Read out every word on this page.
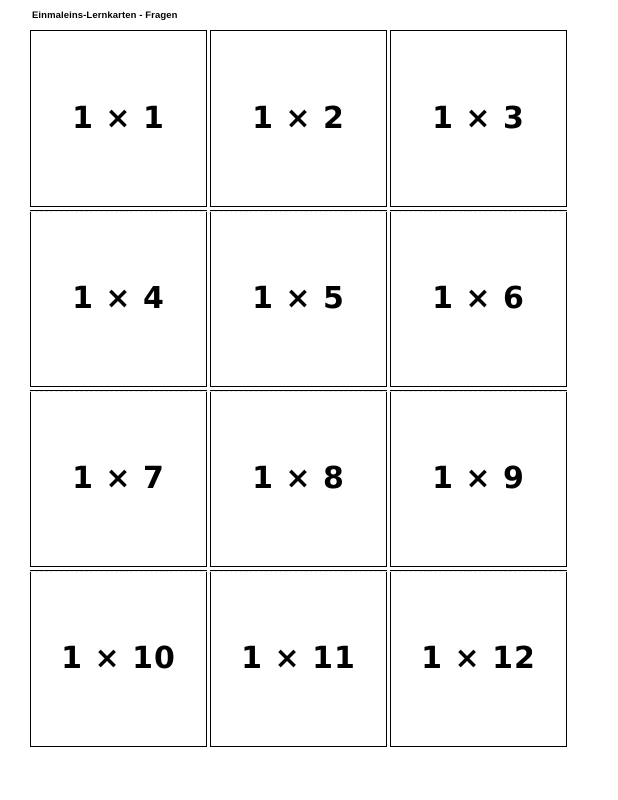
Einmaleins-Lernkarten - Fragen
1 × 1	1 × 2	1 × 3
1 × 4	1 × 5	1 × 6
1 × 7	1 × 8	1 × 9
1 × 10 1 × 11 1 × 12
